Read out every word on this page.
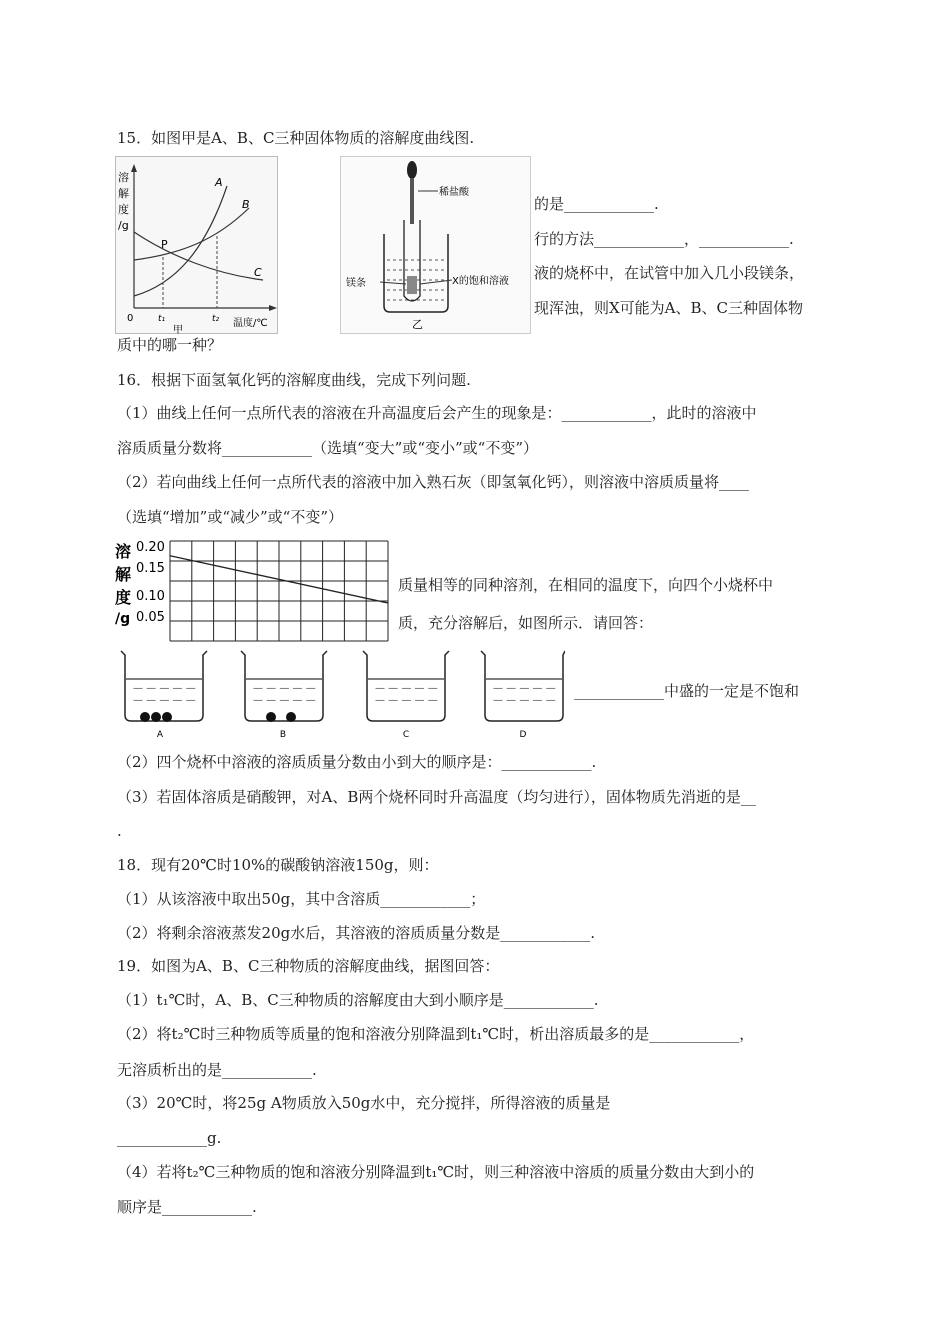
15．如图甲是A、B、C三种固体物质的溶解度曲线图.
溶
解
度
/g
A
B
C
P
0	t₁	t₂ 温度/℃
甲
稀盐酸
镁条	X的饱和溶液
乙
的是____________.
行的方法____________，____________.
液的烧杯中，在试管中加入几小段镁条，
现浑浊，则X可能为A、B、C三种固体物
质中的哪一种？
16．根据下面氢氧化钙的溶解度曲线，完成下列问题.
（1）曲线上任何一点所代表的溶液在升高温度后会产生的现象是：____________，此时的溶液中
溶质质量分数将____________（选填“变大”或“变小”或“不变”）
（2）若向曲线上任何一点所代表的溶液中加入熟石灰（即氢氧化钙），则溶液中溶质质量将____
（选填“增加”或“减少”或“不变”）
溶
解
度
/g
0.20
0.15
0.10
0.05
质量相等的同种溶剂，在相同的温度下，向四个小烧杯中
质，充分溶解后，如图所示．请回答：
— — — — —
— — — — —
A
— — — — —
— — — — —
B
— — — — —
— — — — —
C
— — — — —
— — — — —
D
____________中盛的一定是不饱和
（2）四个烧杯中溶液的溶质质量分数由小到大的顺序是：____________.
（3）若固体溶质是硝酸钾，对A、B两个烧杯同时升高温度（均匀进行），固体物质先消逝的是__
.
18．现有20℃时10%的碳酸钠溶液150g，则：
（1）从该溶液中取出50g，其中含溶质____________；
（2）将剩余溶液蒸发20g水后，其溶液的溶质质量分数是____________.
19．如图为A、B、C三种物质的溶解度曲线，据图回答：
（1）t₁℃时，A、B、C三种物质的溶解度由大到小顺序是____________.
（2）将t₂℃时三种物质等质量的饱和溶液分别降温到t₁℃时，析出溶质最多的是____________，
无溶质析出的是____________.
（3）20℃时，将25g A物质放入50g水中，充分搅拌，所得溶液的质量是
____________g.
（4）若将t₂℃三种物质的饱和溶液分别降温到t₁℃时，则三种溶液中溶质的质量分数由大到小的
顺序是____________.
